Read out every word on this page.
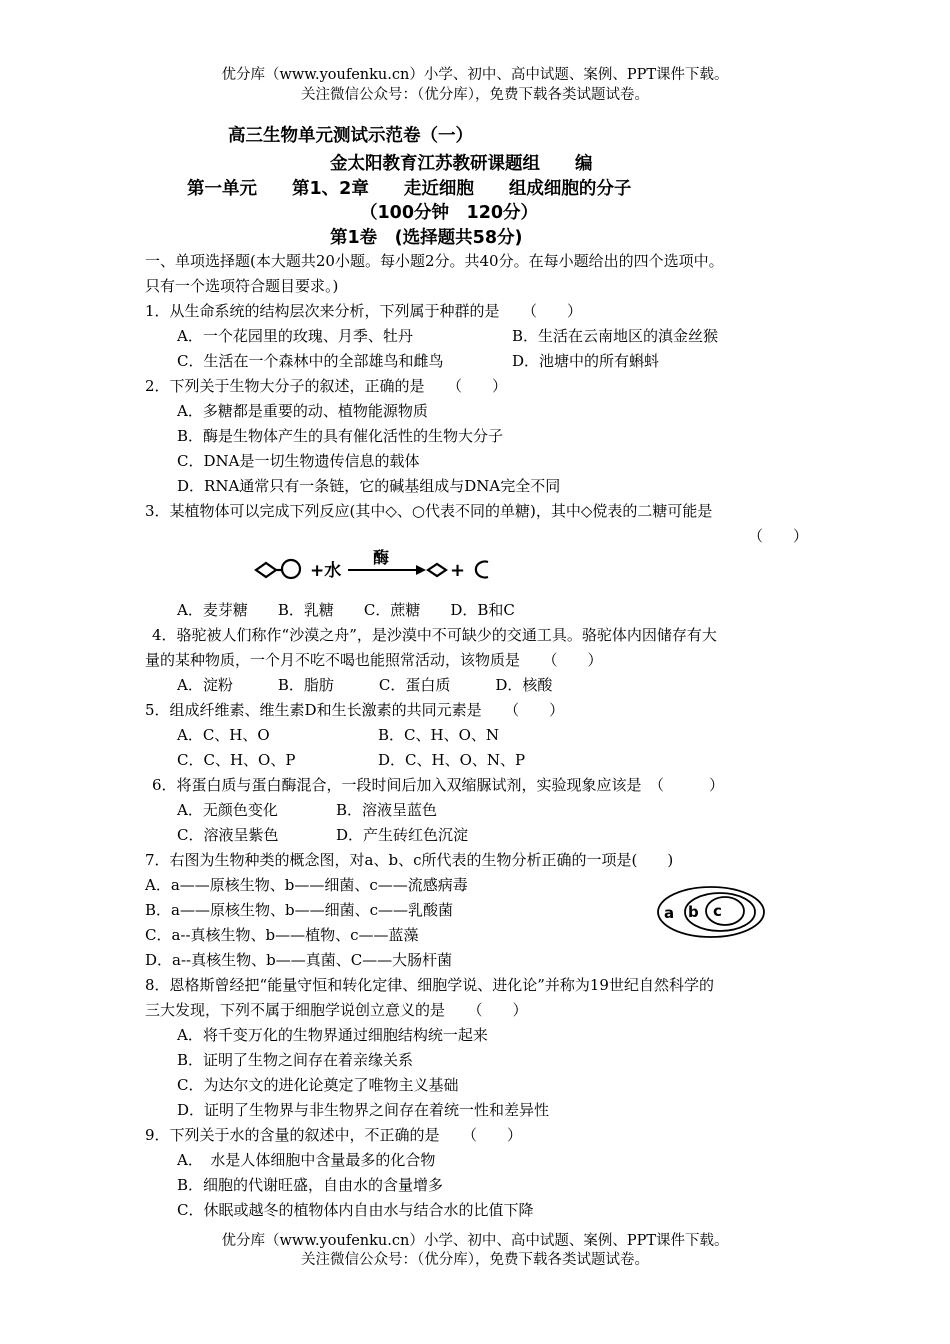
优分库（www.youfenku.cn）小学、初中、高中试题、案例、PPT课件下载。
关注微信公众号：（优分库），免费下载各类试题试卷。
高三生物单元测试示范卷（一）
金太阳教育江苏教研课题组　　编
第一单元　　第1、2章　　走近细胞　　组成细胞的分子
（100分钟　120分）
第1卷　(选择题共58分)
一、单项选择题(本大题共20小题。每小题2分。共40分。在每小题给出的四个选项中。
只有一个选项符合题目要求。)
1．从生命系统的结构层次来分析，下列属于种群的是　　（　　）
A．一个花园里的玫瑰、月季、牡丹	B．生活在云南地区的滇金丝猴
C．生活在一个森林中的全部雄鸟和雌鸟	D．池塘中的所有蝌蚪
2．下列关于生物大分子的叙述，正确的是　　（　　）
A．多糖都是重要的动、植物能源物质
B．酶是生物体产生的具有催化活性的生物大分子
C．DNA是一切生物遗传信息的载体
D．RNA通常只有一条链，它的碱基组成与DNA完全不同
3．某植物体可以完成下列反应(其中◇、○代表不同的单糖)，其中◇傥表的二糖可能是
（　　）
+水
酶
+
A．麦芽糖　　B．乳糖　　C．蔗糖　　D．B和C
4．骆驼被人们称作“沙漠之舟”，是沙漠中不可缺少的交通工具。骆驼体内因储存有大
量的某种物质，一个月不吃不喝也能照常活动，该物质是　　（　　）
A．淀粉　　　B．脂肪　　　C．蛋白质　　　D．核酸
5．组成纤维素、维生素D和生长激素的共同元素是　　（　　）
A．C、H、O	B．C、H、O、N
C．C、H、O、P	D．C、H、O、N、P
6．将蛋白质与蛋白酶混合，一段时间后加入双缩脲试剂，实验现象应该是　（　　　）
A．无颜色变化	B．溶液呈蓝色
C．溶液呈紫色	D．产生砖红色沉淀
7．右图为生物种类的概念图，对a、b、c所代表的生物分析正确的一项是(　　)
A．a——原核生物、b——细菌、c——流感病毒
B．a——原核生物、b——细菌、c——乳酸菌
C．a--真核生物、b——植物、c——蓝藻
D．a--真核生物、b——真菌、C——大肠杆菌
a b c
8．恩格斯曾经把“能量守恒和转化定律、细胞学说、进化论”并称为19世纪自然科学的
三大发现，下列不属于细胞学说创立意义的是　　（　　）
A．将千变万化的生物界通过细胞结构统一起来
B．证明了生物之间存在着亲缘关系
C．为达尔文的进化论奠定了唯物主义基础
D．证明了生物界与非生物界之间存在着统一性和差异性
9．下列关于水的含量的叙述中，不正确的是　　（　　）
A．　水是人体细胞中含量最多的化合物
B．细胞的代谢旺盛，自由水的含量增多
C．休眠或越冬的植物体内自由水与结合水的比值下降
优分库（www.youfenku.cn）小学、初中、高中试题、案例、PPT课件下载。
关注微信公众号：（优分库），免费下载各类试题试卷。
